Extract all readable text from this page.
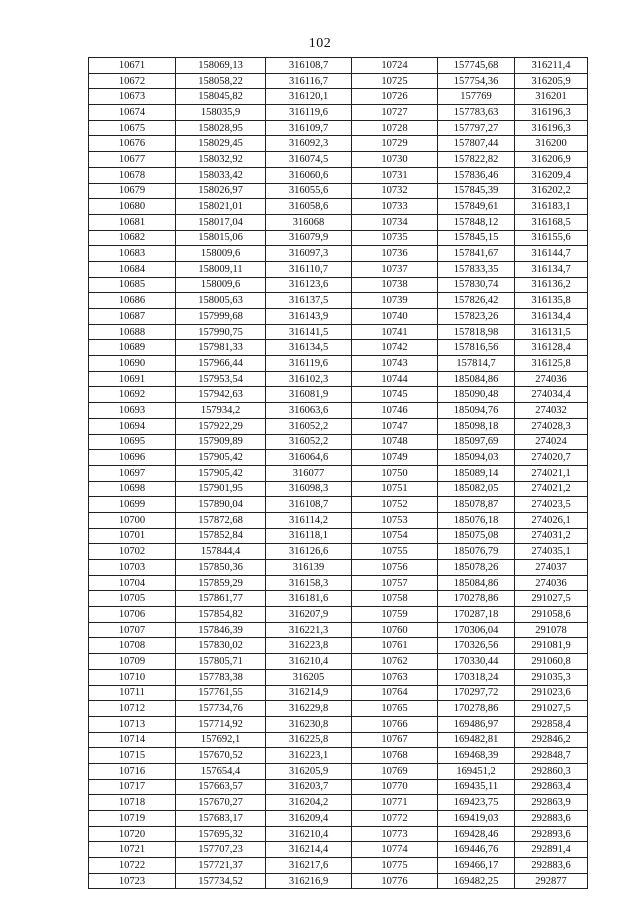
102
10671	158069,13	316108,7	10724	157745,68	316211,4
10672	158058,22	316116,7	10725	157754,36	316205,9
10673	158045,82	316120,1	10726	157769	316201
10674	158035,9	316119,6	10727	157783,63	316196,3
10675	158028,95	316109,7	10728	157797,27	316196,3
10676	158029,45	316092,3	10729	157807,44	316200
10677	158032,92	316074,5	10730	157822,82	316206,9
10678	158033,42	316060,6	10731	157836,46	316209,4
10679	158026,97	316055,6	10732	157845,39	316202,2
10680	158021,01	316058,6	10733	157849,61	316183,1
10681	158017,04	316068	10734	157848,12	316168,5
10682	158015,06	316079,9	10735	157845,15	316155,6
10683	158009,6	316097,3	10736	157841,67	316144,7
10684	158009,11	316110,7	10737	157833,35	316134,7
10685	158009,6	316123,6	10738	157830,74	316136,2
10686	158005,63	316137,5	10739	157826,42	316135,8
10687	157999,68	316143,9	10740	157823,26	316134,4
10688	157990,75	316141,5	10741	157818,98	316131,5
10689	157981,33	316134,5	10742	157816,56	316128,4
10690	157966,44	316119,6	10743	157814,7	316125,8
10691	157953,54	316102,3	10744	185084,86	274036
10692	157942,63	316081,9	10745	185090,48	274034,4
10693	157934,2	316063,6	10746	185094,76	274032
10694	157922,29	316052,2	10747	185098,18	274028,3
10695	157909,89	316052,2	10748	185097,69	274024
10696	157905,42	316064,6	10749	185094,03	274020,7
10697	157905,42	316077	10750	185089,14	274021,1
10698	157901,95	316098,3	10751	185082,05	274021,2
10699	157890,04	316108,7	10752	185078,87	274023,5
10700	157872,68	316114,2	10753	185076,18	274026,1
10701	157852,84	316118,1	10754	185075,08	274031,2
10702	157844,4	316126,6	10755	185076,79	274035,1
10703	157850,36	316139	10756	185078,26	274037
10704	157859,29	316158,3	10757	185084,86	274036
10705	157861,77	316181,6	10758	170278,86	291027,5
10706	157854,82	316207,9	10759	170287,18	291058,6
10707	157846,39	316221,3	10760	170306,04	291078
10708	157830,02	316223,8	10761	170326,56	291081,9
10709	157805,71	316210,4	10762	170330,44	291060,8
10710	157783,38	316205	10763	170318,24	291035,3
10711	157761,55	316214,9	10764	170297,72	291023,6
10712	157734,76	316229,8	10765	170278,86	291027,5
10713	157714,92	316230,8	10766	169486,97	292858,4
10714	157692,1	316225,8	10767	169482,81	292846,2
10715	157670,52	316223,1	10768	169468,39	292848,7
10716	157654,4	316205,9	10769	169451,2	292860,3
10717	157663,57	316203,7	10770	169435,11	292863,4
10718	157670,27	316204,2	10771	169423,75	292863,9
10719	157683,17	316209,4	10772	169419,03	292883,6
10720	157695,32	316210,4	10773	169428,46	292893,6
10721	157707,23	316214,4	10774	169446,76	292891,4
10722	157721,37	316217,6	10775	169466,17	292883,6
10723	157734,52	316216,9	10776	169482,25	292877
